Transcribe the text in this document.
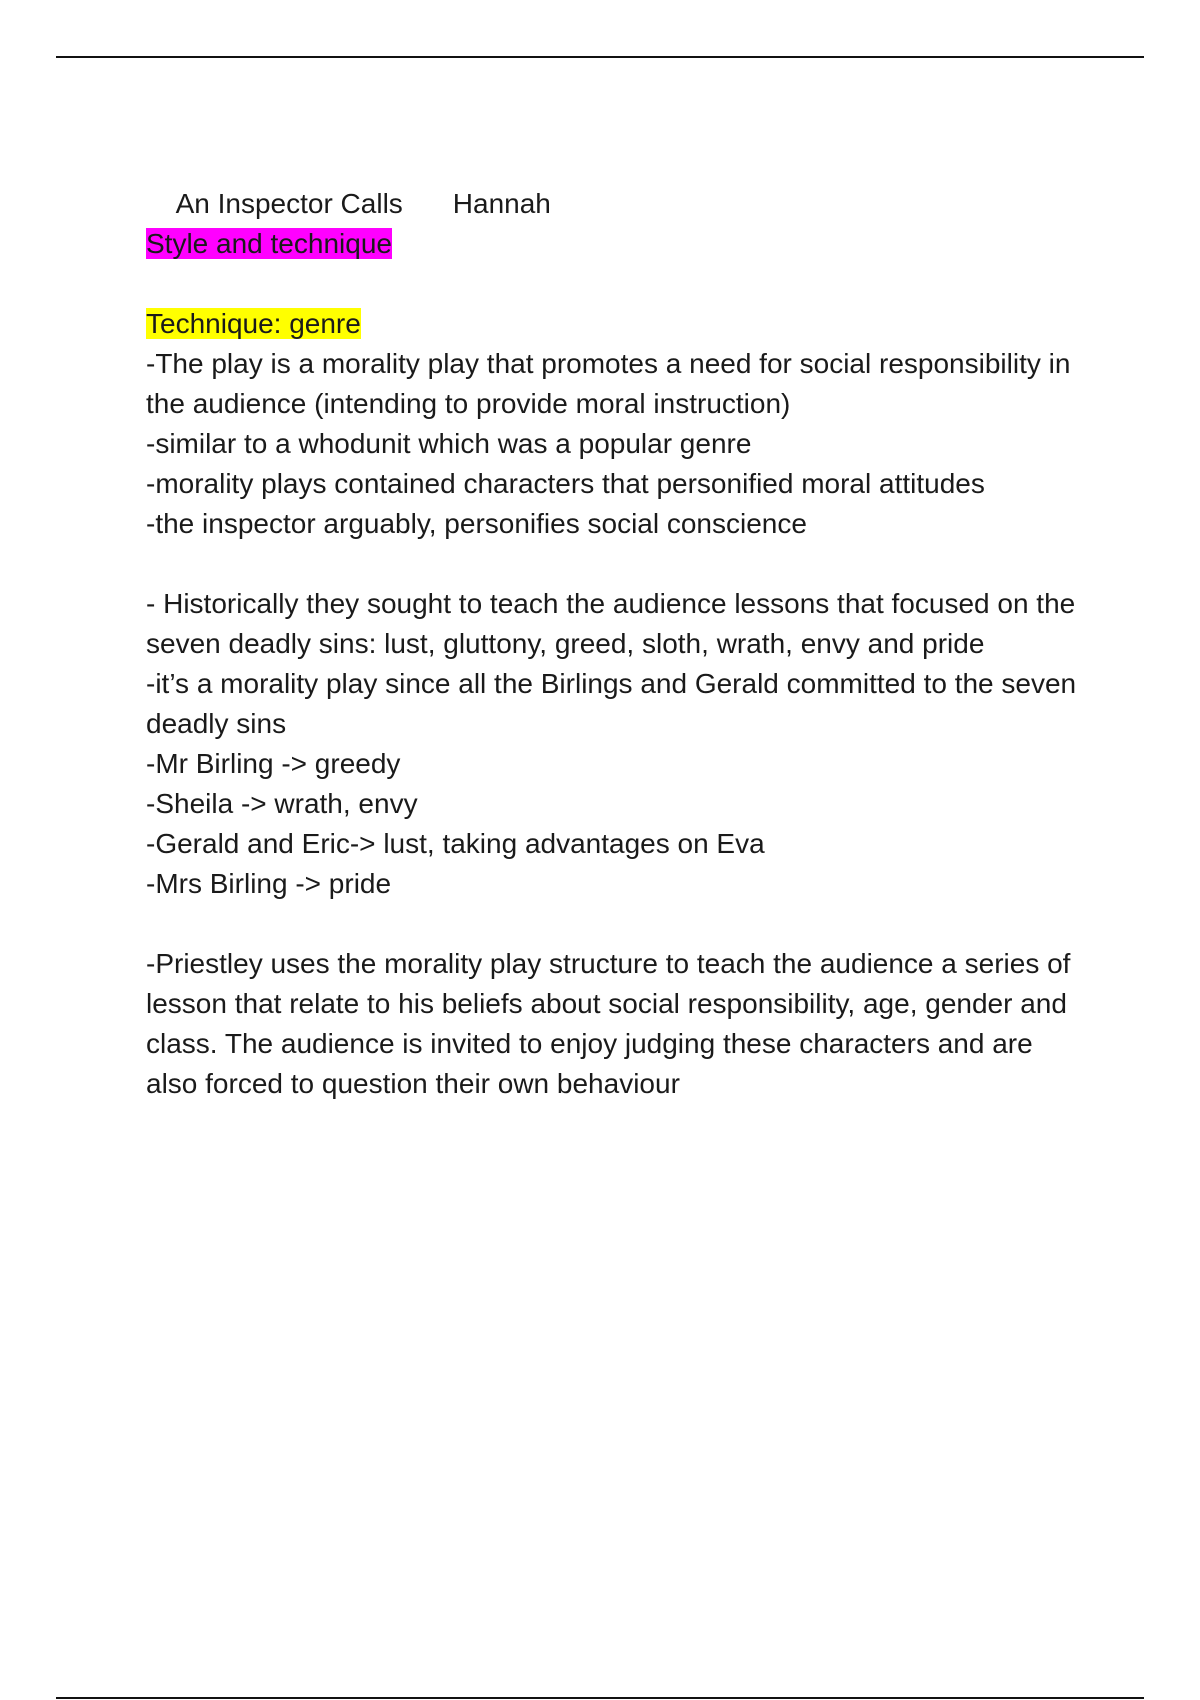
An Inspector Calls Hannah

Style and technique
Technique: genre

-The play is a morality play that promotes a need for social responsibility in the audience (intending to provide moral instruction)

-similar to a whodunit which was a popular genre

-morality plays contained characters that personified moral attitudes

-the inspector arguably, personifies social conscience

- Historically they sought to teach the audience lessons that focused on the seven deadly sins: lust, gluttony, greed, sloth, wrath, envy and pride

-it’s a morality play since all the Birlings and Gerald committed to the seven deadly sins

-Mr Birling -> greedy

-Sheila -> wrath, envy

-Gerald and Eric-> lust, taking advantages on Eva

-Mrs Birling -> pride

-Priestley uses the morality play structure to teach the audience a series of lesson that relate to his beliefs about social responsibility, age, gender and class. The audience is invited to enjoy judging these characters and are also forced to question their own behaviour
